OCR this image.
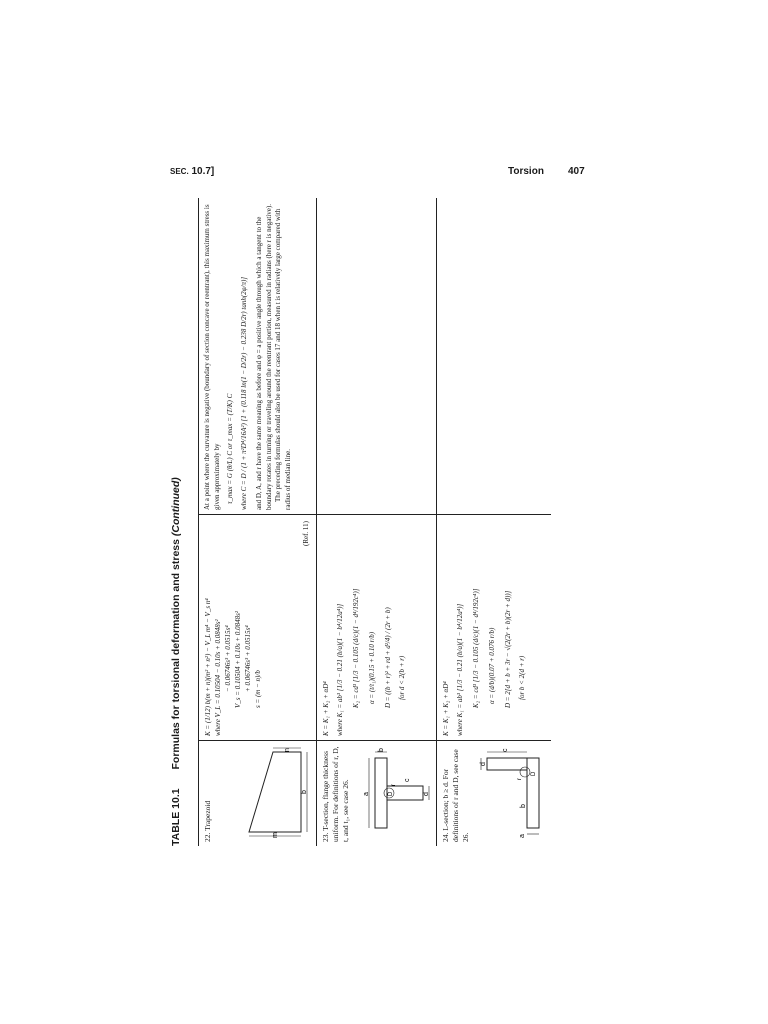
SEC. 10.7]	Torsion 407
TABLE 10.1 Formulas for torsional deformation and stress (Continued)
22. Trapezoid	m
n
b
K = (1/12) b(m + n)(m² + n²) − V_L m⁴ − V_s n⁴ where V_L = 0.10504 − 0.10s + 0.0848s² − 0.06746s³ + 0.0515s⁴ V_s = 0.10504 + 0.10s + 0.0848s² + 0.06746s³ + 0.0515s⁴ s = (m − n)/b
(Ref. 11)
At a point where the curvature is negative (boundary of section concave or reentrant), this maximum stress is given approximately by τ_max = G (θ/L) C or τ_max = (T/K) C where C = D / (1 + π²D⁴/16A²) [1 + (0.118 ln(1 − D/2r) − 0.238 D/2r) tanh(2φ/π)] and D, A, and r have the same meaning as before and φ = a positive angle through which a tangent to the boundary rotates in turning or traveling around the reentrant portion, measured in radians (here r is negative). The preceding formulas should also be used for cases 17 and 18 when t is relatively large compared with radius of median line.
23. T-section, flange thickness uniform. For definitions of r, D, t, and t₁, see case 26. a
b
c
d
r
D
K = K₁ + K₂ + αD⁴ where K₁ = ab³ [1/3 − 0.21 (b/a)(1 − b⁴/12a⁴)] K₂ = cd³ [1/3 − 0.105 (d/c)(1 − d⁴/192c⁴)] α = (t/t₁)(0.15 + 0.10 r/b) D = ((b + r)² + rd + d²/4) / (2r + b) for d < 2(b + r)
24. L-section; b ≥ d. For definitions of r and D, see case 26.	a
b
c
d
r
D
K = K₁ + K₂ + αD⁴ where K₁ = ab³ [1/3 − 0.21 (b/a)(1 − b⁴/12a⁴)] K₂ = cd³ [1/3 − 0.105 (d/c)(1 − d⁴/192c⁴)] α = (d/b)(0.07 + 0.076 r/b) D = 2[d + b + 3r − √(2(2r + b)(2r + d))] for b < 2(d + r)
